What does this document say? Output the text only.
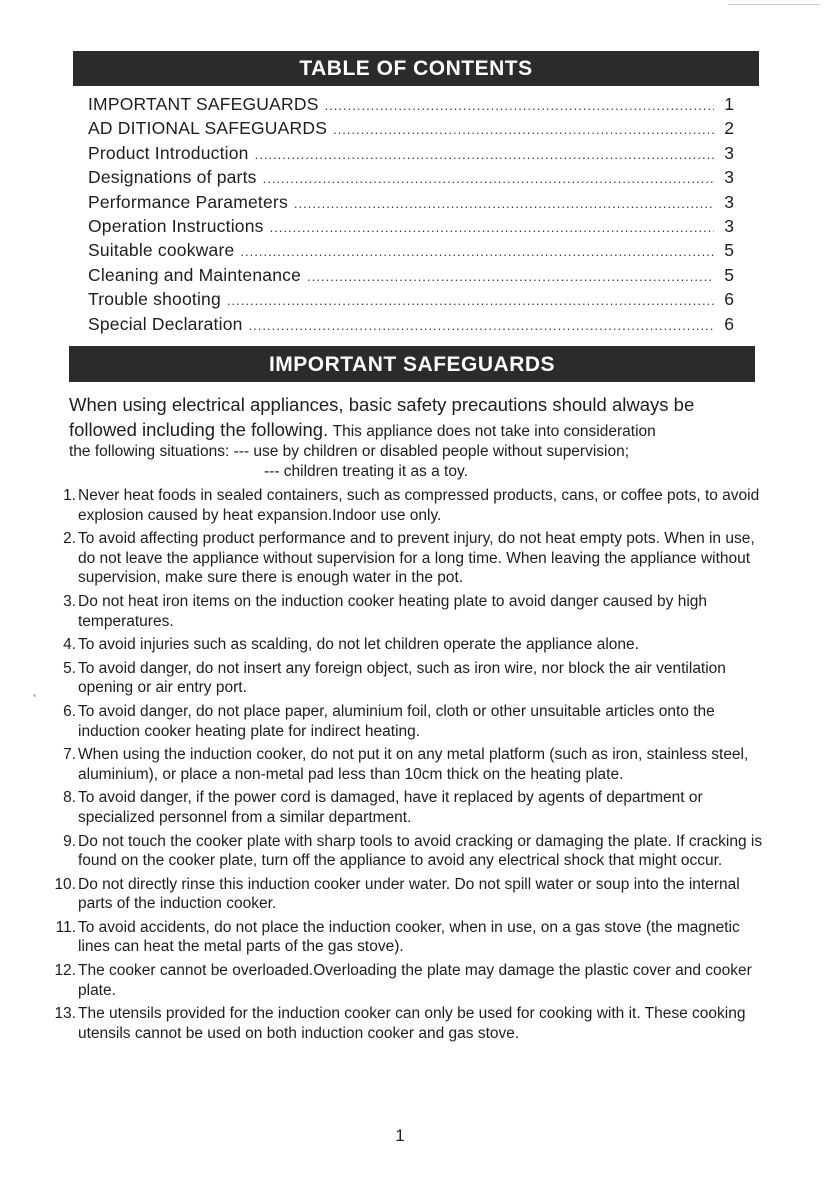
TABLE OF CONTENTS
IMPORTANT SAFEGUARDS .....	1
AD DITIONAL SAFEGUARDS .....	2
Product Introduction .....	3
Designations of parts .....	3
Performance Parameters .....	3
Operation Instructions .....	3
Suitable cookware .....	5
Cleaning and Maintenance .....	5
Trouble shooting .....	6
Special Declaration .....	6
IMPORTANT SAFEGUARDS
When using electrical appliances, basic safety precautions should always be
followed including the following. This appliance does not take into consideration
the following situations: --- use by children or disabled people without supervision;
--- children treating it as a toy.
1. Never heat foods in sealed containers, such as compressed products, cans, or coffee pots, to avoid explosion caused by heat expansion.Indoor use only.
2. To avoid affecting product performance and to prevent injury, do not heat empty pots. When in use, do not leave the appliance without supervision for a long time. When leaving the appliance without supervision, make sure there is enough water in the pot.
3. Do not heat iron items on the induction cooker heating plate to avoid danger caused by high temperatures.
4. To avoid injuries such as scalding, do not let children operate the appliance alone.
5. To avoid danger, do not insert any foreign object, such as iron wire, nor block the air ventilation opening or air entry port.
6. To avoid danger, do not place paper, aluminium foil, cloth or other unsuitable articles onto the induction cooker heating plate for indirect heating.
7. When using the induction cooker, do not put it on any metal platform (such as iron, stainless steel, aluminium), or place a non-metal pad less than 10cm thick on the heating plate.
8. To avoid danger, if the power cord is damaged, have it replaced by agents of department or specialized personnel from a similar department.
9. Do not touch the cooker plate with sharp tools to avoid cracking or damaging the plate. If cracking is found on the cooker plate, turn off the appliance to avoid any electrical shock that might occur.
10. Do not directly rinse this induction cooker under water. Do not spill water or soup into the internal parts of the induction cooker.
11. To avoid accidents, do not place the induction cooker, when in use, on a gas stove (the magnetic lines can heat the metal parts of the gas stove).
12. The cooker cannot be overloaded.Overloading the plate may damage the plastic cover and cooker plate.
13. The utensils provided for the induction cooker can only be used for cooking with it. These cooking utensils cannot be used on both induction cooker and gas stove.
1
